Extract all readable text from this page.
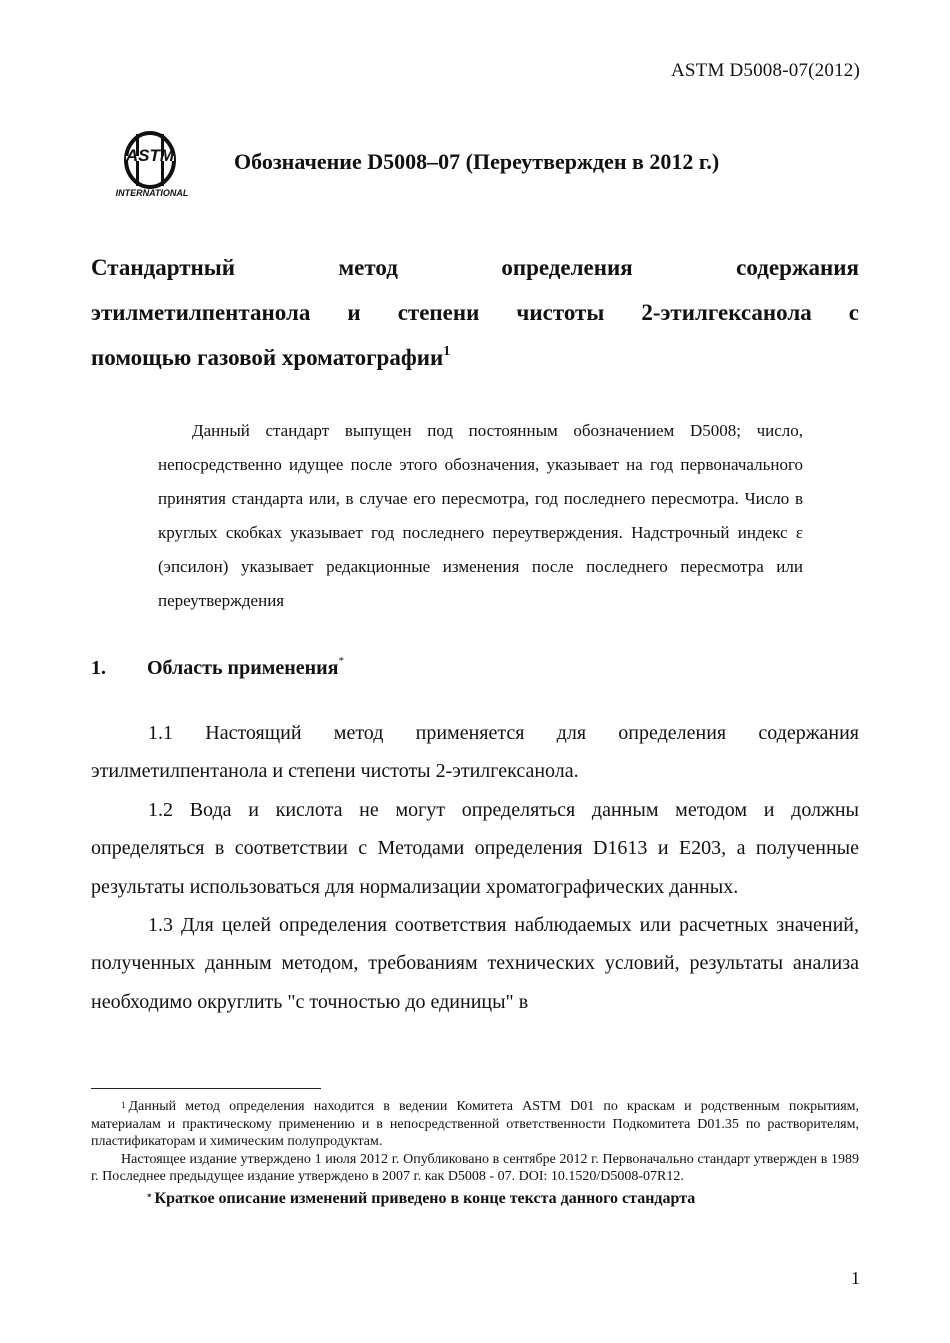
ASTM D5008-07(2012)
ASTM
INTERNATIONAL
Обозначение D5008–07 (Переутвержден в 2012 г.)
Стандартный метод определения содержания
этилметилпентанола и степени чистоты 2-этилгексанола с
помощью газовой хроматографии$^1$

Данный стандарт выпущен под постоянным обозначением D5008; число, непосредственно идущее после этого обозначения, указывает на год первоначального принятия стандарта или, в случае его пересмотра, год последнего пересмотра. Число в круглых скобках указывает год последнего переутверждения. Надстрочный индекс ε (эпсилон) указывает редакционные изменения после последнего пересмотра или переутверждения

1. Область применения*

1.1 Настоящий метод применяется для определения содержания этилметилпентанола и степени чистоты 2-этилгексанола.

1.2 Вода и кислота не могут определяться данным методом и должны определяться в соответствии с Методами определения D1613 и E203, а полученные результаты использоваться для нормализации хроматографических данных.

1.3 Для целей определения соответствия наблюдаемых или расчетных значений, полученных данным методом, требованиям технических условий, результаты анализа необходимо округлить "с точностью до единицы" в

$^1$ Данный метод определения находится в ведении Комитета ASTM D01 по краскам и родственным покрытиям, материалам и практическому применению и в непосредственной ответственности Подкомитета D01.35 по растворителям, пластификаторам и химическим полупродуктам.

Настоящее издание утверждено 1 июля 2012 г. Опубликовано в сентябре 2012 г. Первоначально стандарт утвержден в 1989 г. Последнее предыдущее издание утверждено в 2007 г. как D5008 - 07. DOI: 10.1520/D5008-07R12.

* Краткое описание изменений приведено в конце текста данного стандарта

1
